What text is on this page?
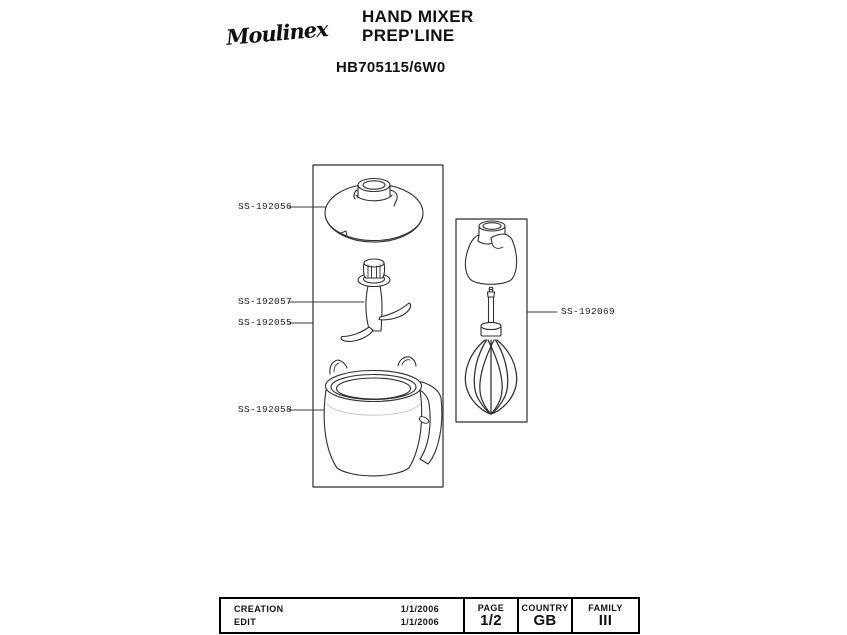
Moulinex HAND MIXER
PREP'LINE
HB705115/6W0
SS-192056
SS-192057
SS-192055
SS-192058
SS-192069
CREATION	1/1/2006
EDIT	1/1/2006
PAGE
1/2
COUNTRY
GB
FAMILY
III
